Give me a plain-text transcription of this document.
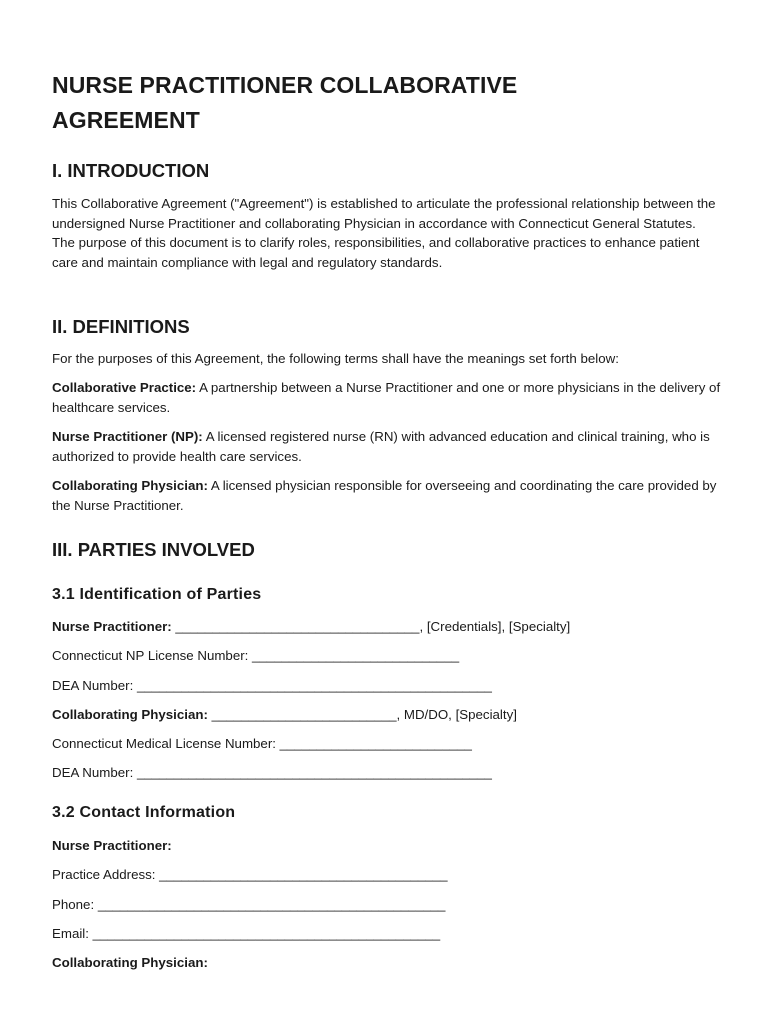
NURSE PRACTITIONER COLLABORATIVE AGREEMENT
I. INTRODUCTION

This Collaborative Agreement ("Agreement") is established to articulate the professional relationship between the undersigned Nurse Practitioner and collaborating Physician in accordance with Connecticut General Statutes. The purpose of this document is to clarify roles, responsibilities, and collaborative practices to enhance patient care and maintain compliance with legal and regulatory standards.

II. DEFINITIONS

For the purposes of this Agreement, the following terms shall have the meanings set forth below:

Collaborative Practice: A partnership between a Nurse Practitioner and one or more physicians in the delivery of healthcare services.

Nurse Practitioner (NP): A licensed registered nurse (RN) with advanced education and clinical training, who is authorized to provide health care services.

Collaborating Physician: A licensed physician responsible for overseeing and coordinating the care provided by the Nurse Practitioner.

III. PARTIES INVOLVED
3.1 Identification of Parties

Nurse Practitioner: _________________________________, [Credentials], [Specialty]

Connecticut NP License Number: ____________________________

DEA Number: ________________________________________________

Collaborating Physician: _________________________, MD/DO, [Specialty]

Connecticut Medical License Number: __________________________

DEA Number: ________________________________________________

3.2 Contact Information

Nurse Practitioner:

Practice Address: _______________________________________

Phone: _______________________________________________

Email: _______________________________________________

Collaborating Physician:
